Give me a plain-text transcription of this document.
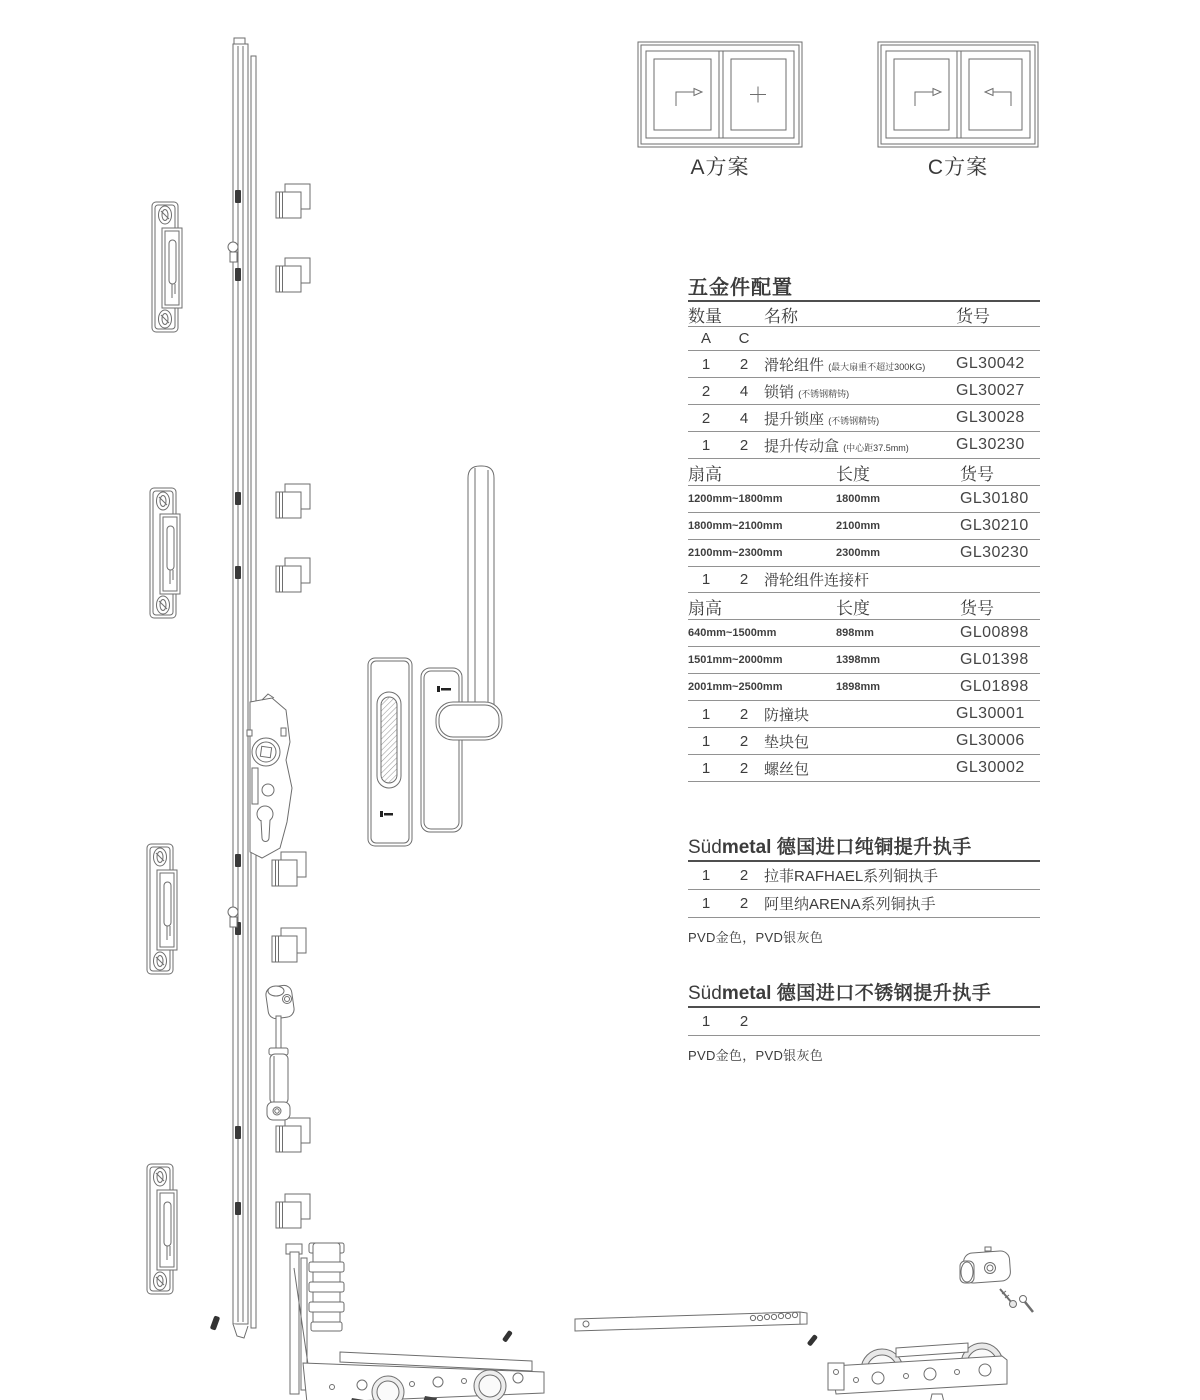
A方案	C方案
五金件配置
数量	名称	货号
A	C
1	2	滑轮组件 (最大扇重不超过300KG)	GL30042
2	4	锁销 (不锈钢精铸)	GL30027
2	4	提升锁座 (不锈钢精铸)	GL30028
1	2	提升传动盒 (中心距37.5mm)	GL30230
扇高	长度	货号
1200mm~1800mm	1800mm	GL30180
1800mm~2100mm	2100mm	GL30210
2100mm~2300mm	2300mm	GL30230
1	2	滑轮组件连接杆
扇高	长度	货号
640mm~1500mm	898mm	GL00898
1501mm~2000mm	1398mm	GL01398
2001mm~2500mm	1898mm	GL01898
1	2	防撞块	GL30001
1	2	垫块包	GL30006
1	2	螺丝包	GL30002
Südmetal 德国进口纯铜提升执手
1	2	拉菲RAFHAEL系列铜执手
1	2	阿里纳ARENA系列铜执手
PVD金色，PVD银灰色
Südmetal 德国进口不锈钢提升执手
1	2
PVD金色，PVD银灰色
